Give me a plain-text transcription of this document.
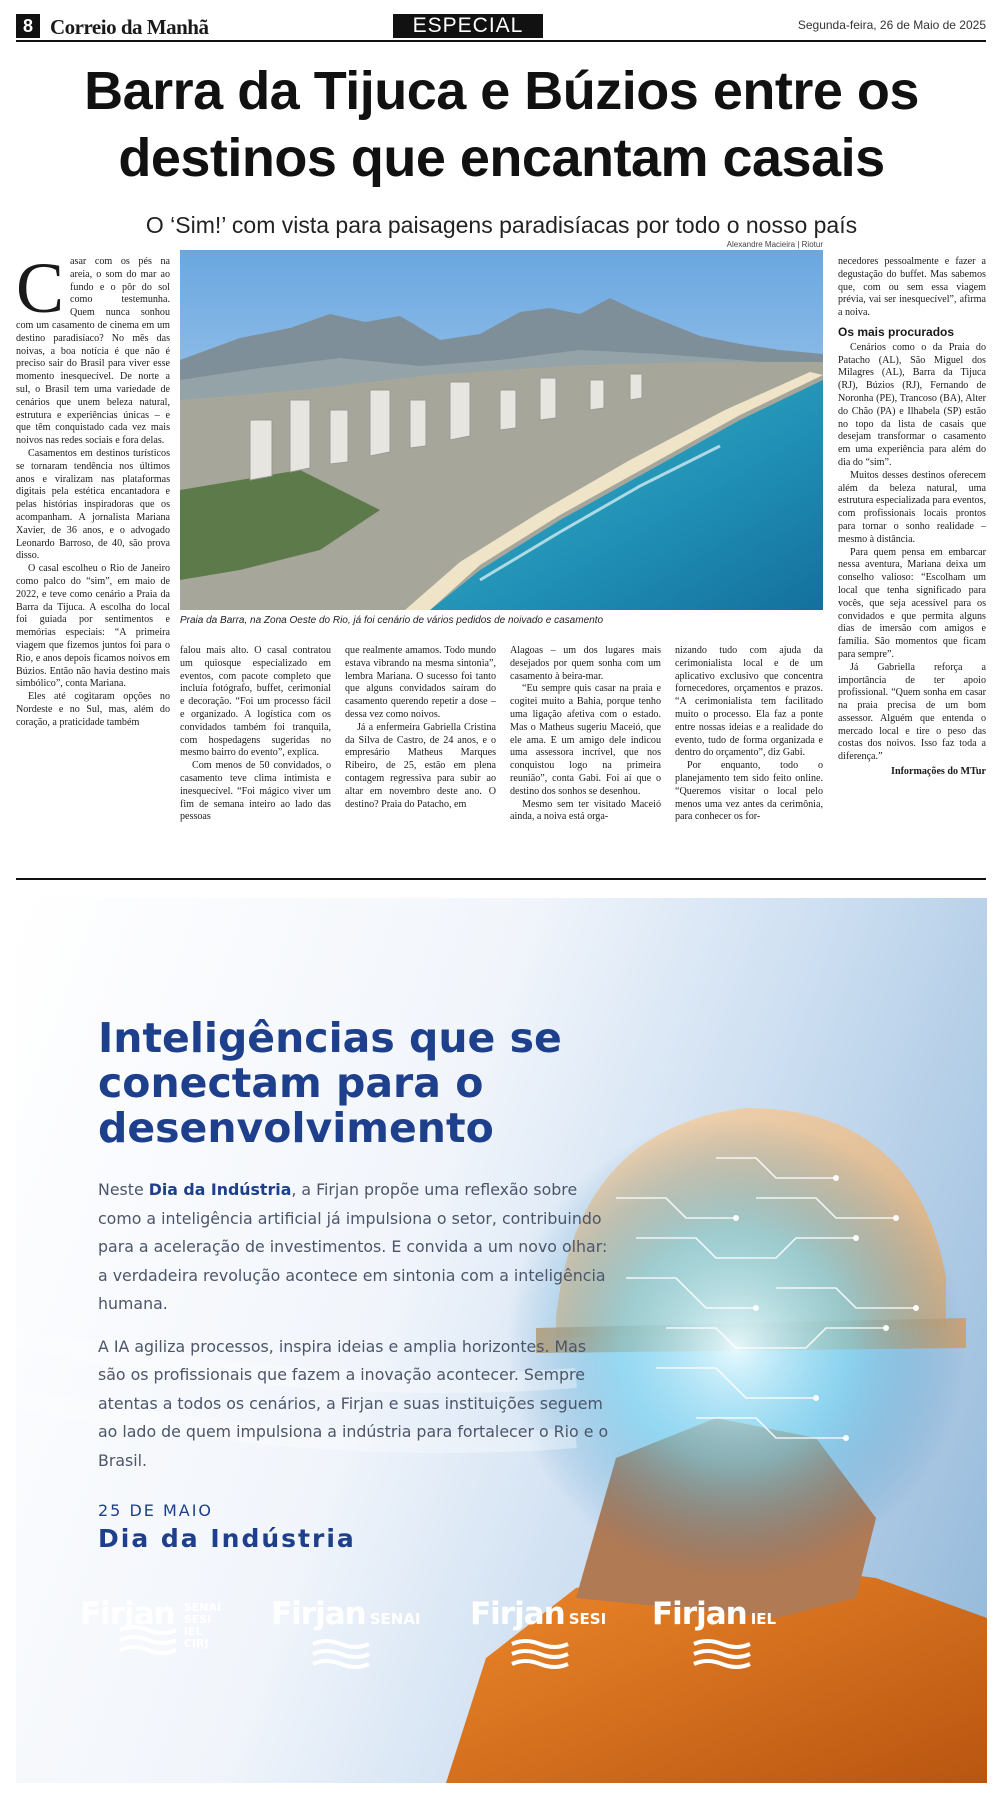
8 Correio da Manhã	ESPECIAL	Segunda-feira, 26 de Maio de 2025
Barra da Tijuca e Búzios entre os destinos que encantam casais
O ‘Sim!’ com vista para paisagens paradisíacas por todo o nosso país
Alexandre Macieira | Riotur
Praia da Barra, na Zona Oeste do Rio, já foi cenário de vários pedidos de noivado e casamento

Casar com os pés na areia, o som do mar ao fundo e o pôr do sol como testemunha. Quem nunca sonhou com um casamento de cinema em um destino paradisíaco? No mês das noivas, a boa notícia é que não é preciso sair do Brasil para viver esse momento inesquecível. De norte a sul, o Brasil tem uma variedade de cenários que unem beleza natural, estrutura e experiências únicas – e que têm conquistado cada vez mais noivos nas redes sociais e fora delas.

Casamentos em destinos turísticos se tornaram tendência nos últimos anos e viralizam nas plataformas digitais pela estética encantadora e pelas histórias inspiradoras que os acompanham. A jornalista Mariana Xavier, de 36 anos, e o advogado Leonardo Barroso, de 40, são prova disso.

O casal escolheu o Rio de Janeiro como palco do “sim”, em maio de 2022, e teve como cenário a Praia da Barra da Tijuca. A escolha do local foi guiada por sentimentos e memórias especiais: “A primeira viagem que fizemos juntos foi para o Rio, e anos depois ficamos noivos em Búzios. Então não havia destino mais simbólico”, conta Mariana.

Eles até cogitaram opções no Nordeste e no Sul, mas, além do coração, a praticidade também

falou mais alto. O casal contratou um quiosque especializado em eventos, com pacote completo que incluía fotógrafo, buffet, cerimonial e decoração. “Foi um processo fácil e organizado. A logística com os convidados também foi tranquila, com hospedagens sugeridas no mesmo bairro do evento”, explica.

Com menos de 50 convidados, o casamento teve clima intimista e inesquecível. “Foi mágico viver um fim de semana inteiro ao lado das pessoas

que realmente amamos. Todo mundo estava vibrando na mesma sintonia”, lembra Mariana. O sucesso foi tanto que alguns convidados saíram do casamento querendo repetir a dose – dessa vez como noivos.

Já a enfermeira Gabriella Cristina da Silva de Castro, de 24 anos, e o empresário Matheus Marques Ribeiro, de 25, estão em plena contagem regressiva para subir ao altar em novembro deste ano. O destino? Praia do Patacho, em

Alagoas – um dos lugares mais desejados por quem sonha com um casamento à beira-mar.

“Eu sempre quis casar na praia e cogitei muito a Bahia, porque tenho uma ligação afetiva com o estado. Mas o Matheus sugeriu Maceió, que ele ama. E um amigo dele indicou uma assessora incrível, que nos conquistou logo na primeira reunião”, conta Gabi. Foi aí que o destino dos sonhos se desenhou.

Mesmo sem ter visitado Maceió ainda, a noiva está orga-

nizando tudo com ajuda da cerimonialista local e de um aplicativo exclusivo que concentra fornecedores, orçamentos e prazos. “A cerimonialista tem facilitado muito o processo. Ela faz a ponte entre nossas ideias e a realidade do evento, tudo de forma organizada e dentro do orçamento”, diz Gabi.

Por enquanto, todo o planejamento tem sido feito online. “Queremos visitar o local pelo menos uma vez antes da cerimônia, para conhecer os for-

necedores pessoalmente e fazer a degustação do buffet. Mas sabemos que, com ou sem essa viagem prévia, vai ser inesquecível”, afirma a noiva.

Os mais procurados

Cenários como o da Praia do Patacho (AL), São Miguel dos Milagres (AL), Barra da Tijuca (RJ), Búzios (RJ), Fernando de Noronha (PE), Trancoso (BA), Alter do Chão (PA) e Ilhabela (SP) estão no topo da lista de casais que desejam transformar o casamento em uma experiência para além do dia do “sim”.

Muitos desses destinos oferecem além da beleza natural, uma estrutura especializada para eventos, com profissionais locais prontos para tornar o sonho realidade – mesmo à distância.

Para quem pensa em embarcar nessa aventura, Mariana deixa um conselho valioso: “Escolham um local que tenha significado para vocês, que seja acessível para os convidados e que permita alguns dias de imersão com amigos e família. São momentos que ficam para sempre”.

Já Gabriella reforça a importância de ter apoio profissional. “Quem sonha em casar na praia precisa de um bom assessor. Alguém que entenda o mercado local e tire o peso das costas dos noivos. Isso faz toda a diferença.”

Informações do MTur
Inteligências que se conectam para o desenvolvimento

Neste Dia da Indústria, a Firjan propõe uma reflexão sobre como a inteligência artificial já impulsiona o setor, contribuindo para a aceleração de investimentos. E convida a um novo olhar: a verdadeira revolução acontece em sintonia com a inteligência humana.

A IA agiliza processos, inspira ideias e amplia horizontes. Mas são os profissionais que fazem a inovação acontecer. Sempre atentas a todos os cenários, a Firjan e suas instituições seguem ao lado de quem impulsiona a indústria para fortalecer o Rio e o Brasil.

25 DE MAIO
Dia da Indústria
Firjan SENAI
SESI
IEL
CIRJ
Firjan SENAI Firjan SESI Firjan IEL
